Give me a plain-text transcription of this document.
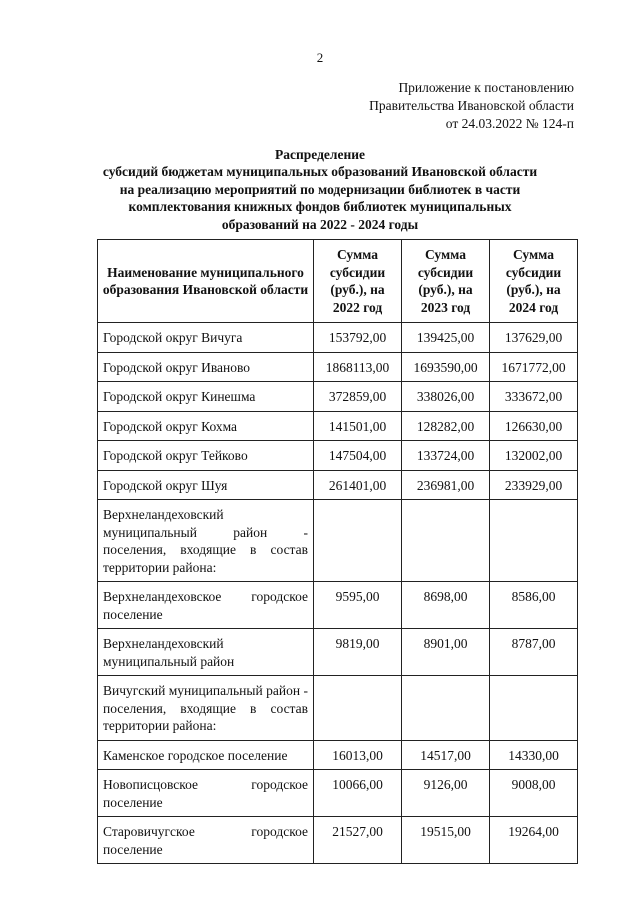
2
Приложение к постановлению
Правительства Ивановской области
от 24.03.2022 № 124-п
Распределение
субсидий бюджетам муниципальных образований Ивановской области
на реализацию мероприятий по модернизации библиотек в части
комплектования книжных фондов библиотек муниципальных
образований на 2022 - 2024 годы
Наименование муниципального образования Ивановской области	Сумма субсидии (руб.), на 2022 год	Сумма субсидии (руб.), на 2023 год	Сумма субсидии (руб.), на 2024 год
Городской округ Вичуга	153792,00	139425,00	137629,00
Городской округ Иваново	1868113,00	1693590,00	1671772,00
Городской округ Кинешма	372859,00	338026,00	333672,00
Городской округ Кохма	141501,00	128282,00	126630,00
Городской округ Тейково	147504,00	133724,00	132002,00
Городской округ Шуя	261401,00	236981,00	233929,00
Верхнеландеховский муниципальный район - поселения, входящие в состав территории района:			
Верхнеландеховское городское поселение	9595,00	8698,00	8586,00
Верхнеландеховский муниципальный район	9819,00	8901,00	8787,00
Вичугский муниципальный район - поселения, входящие в состав территории района:			
Каменское городское поселение	16013,00	14517,00	14330,00
Новописцовское городское поселение	10066,00	9126,00	9008,00
Старовичугское городское поселение	21527,00	19515,00	19264,00
